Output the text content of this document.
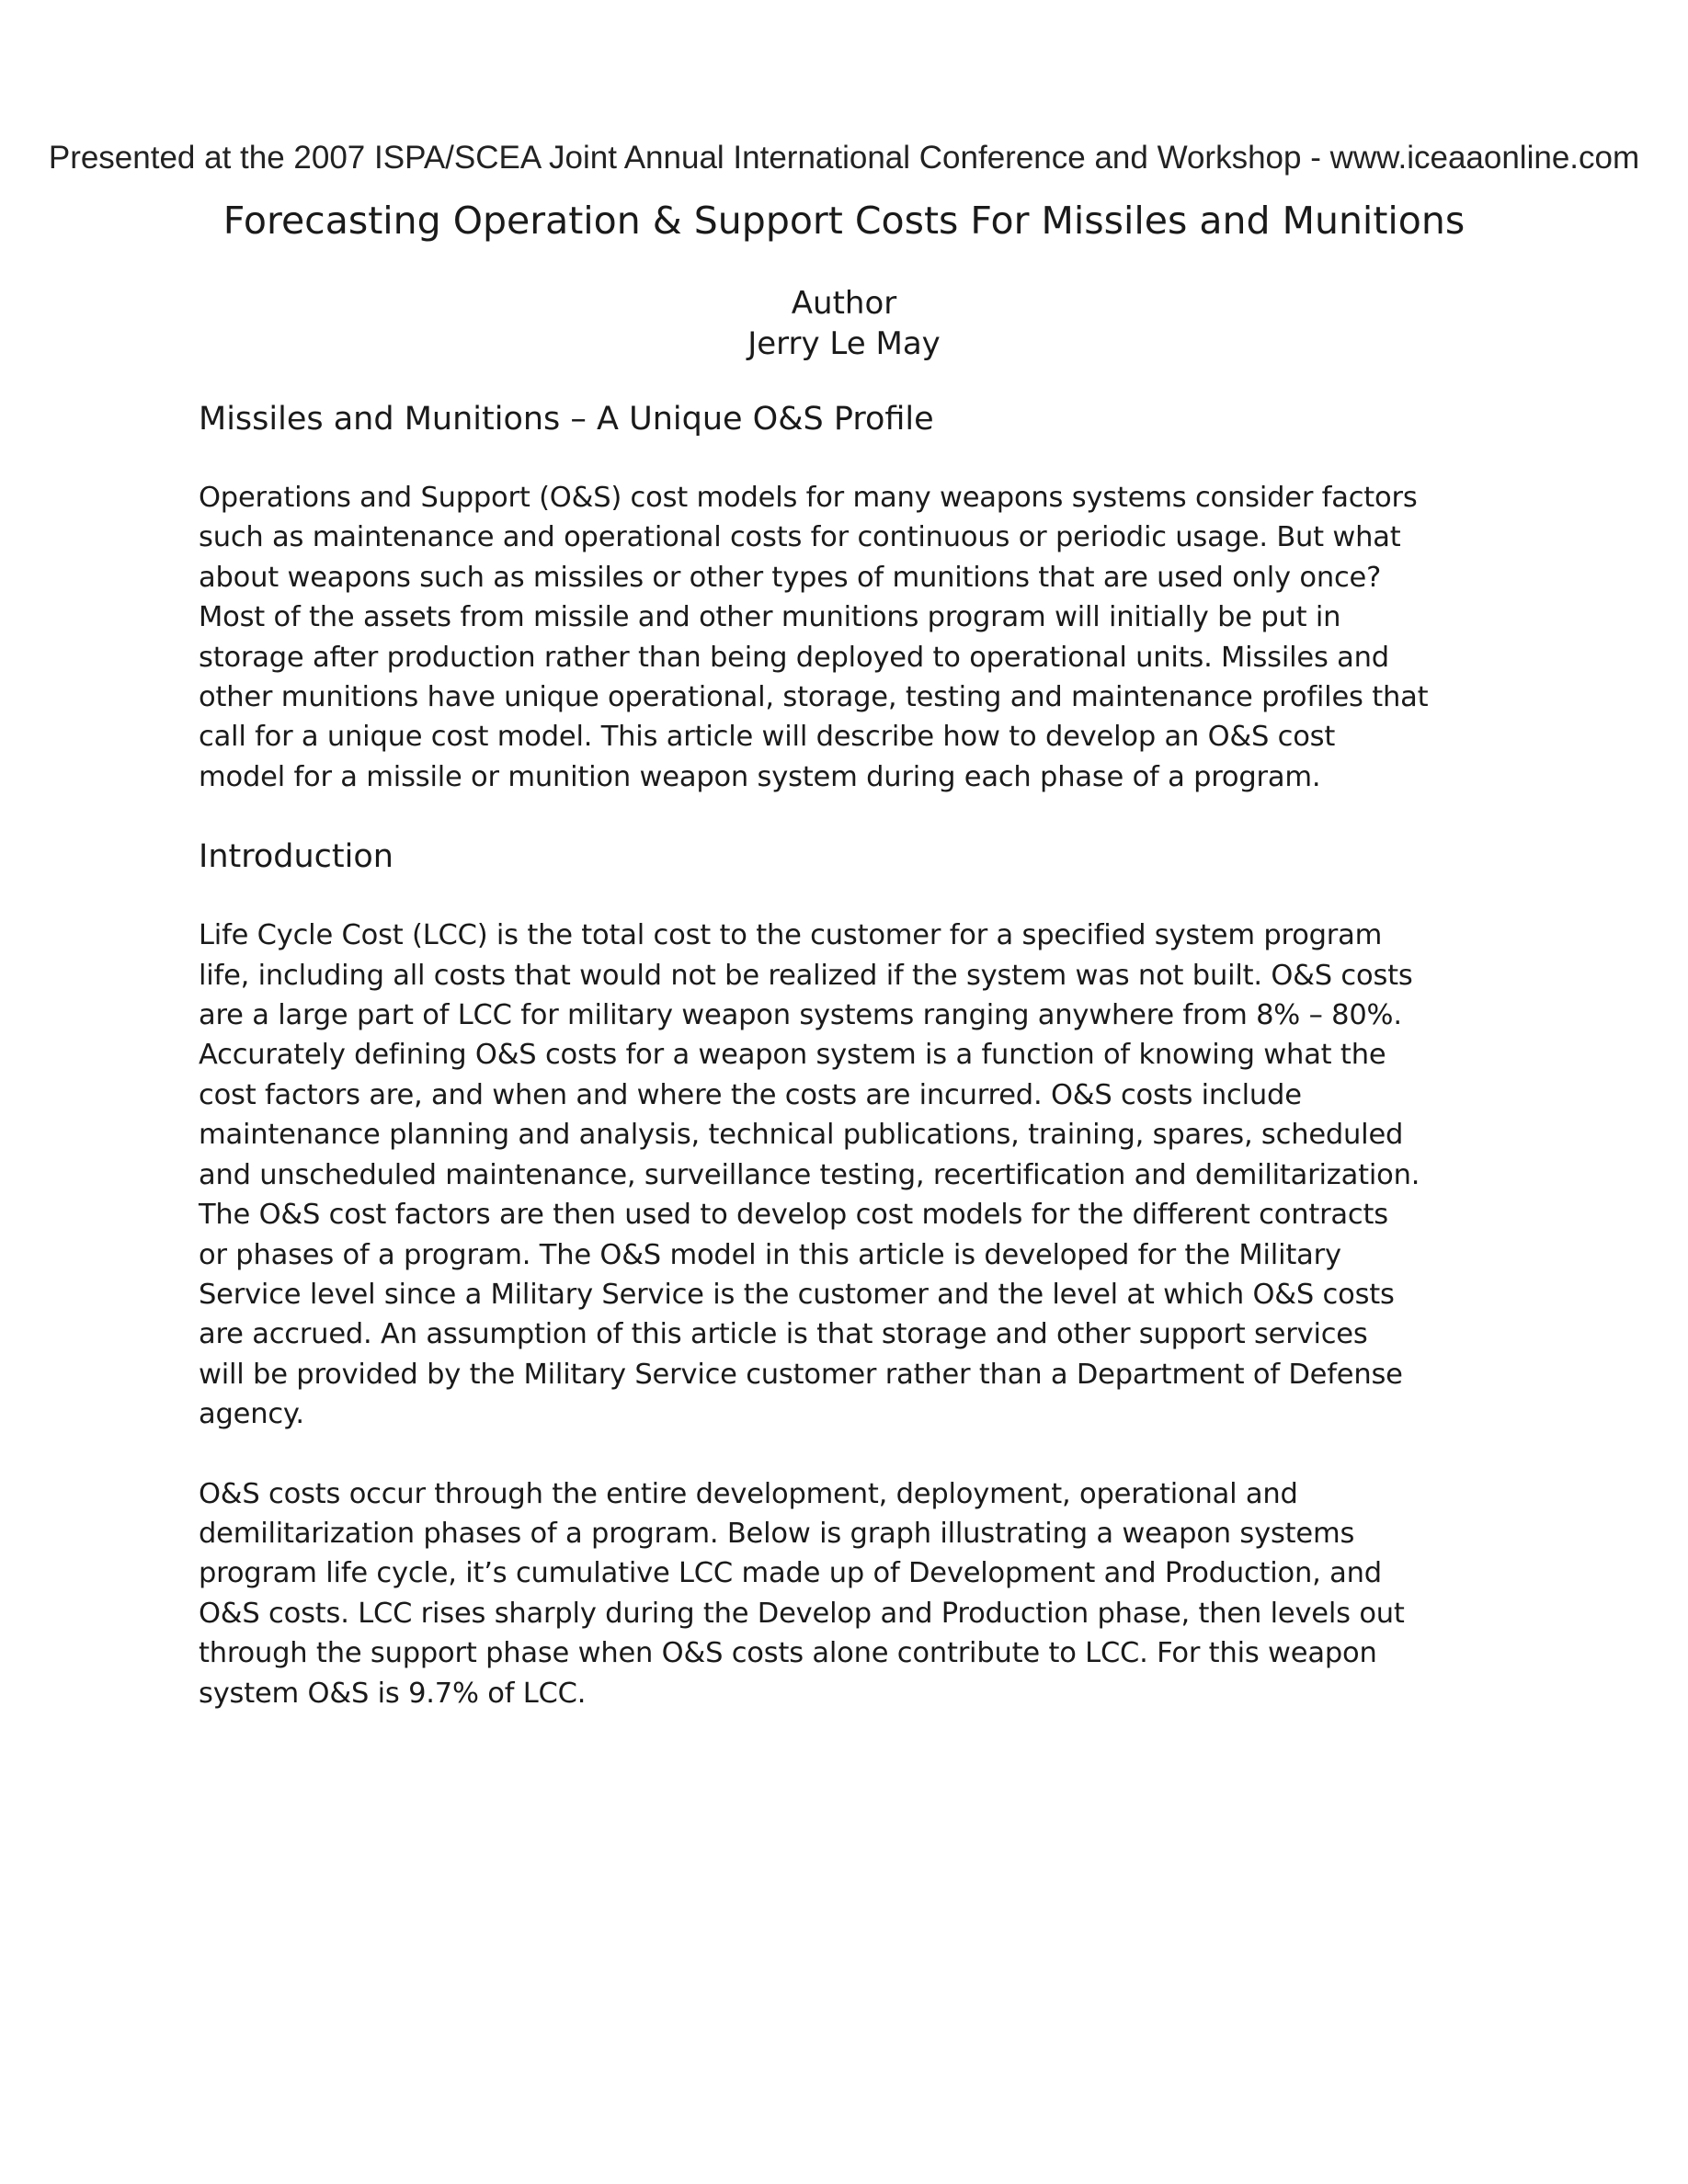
Presented at the 2007 ISPA/SCEA Joint Annual International Conference and Workshop - www.iceaaonline.com
Forecasting Operation & Support Costs For Missiles and Munitions
Author
Jerry Le May
Missiles and Munitions – A Unique O&S Profile

Operations and Support (O&S) cost models for many weapons systems consider factors
such as maintenance and operational costs for continuous or periodic usage. But what
about weapons such as missiles or other types of munitions that are used only once?
Most of the assets from missile and other munitions program will initially be put in
storage after production rather than being deployed to operational units. Missiles and
other munitions have unique operational, storage, testing and maintenance profiles that
call for a unique cost model. This article will describe how to develop an O&S cost
model for a missile or munition weapon system during each phase of a program.

Introduction

Life Cycle Cost (LCC) is the total cost to the customer for a specified system program
life, including all costs that would not be realized if the system was not built. O&S costs
are a large part of LCC for military weapon systems ranging anywhere from 8% – 80%.
Accurately defining O&S costs for a weapon system is a function of knowing what the
cost factors are, and when and where the costs are incurred. O&S costs include
maintenance planning and analysis, technical publications, training, spares, scheduled
and unscheduled maintenance, surveillance testing, recertification and demilitarization.
The O&S cost factors are then used to develop cost models for the different contracts
or phases of a program. The O&S model in this article is developed for the Military
Service level since a Military Service is the customer and the level at which O&S costs
are accrued. An assumption of this article is that storage and other support services
will be provided by the Military Service customer rather than a Department of Defense
agency.

O&S costs occur through the entire development, deployment, operational and
demilitarization phases of a program. Below is graph illustrating a weapon systems
program life cycle, it’s cumulative LCC made up of Development and Production, and
O&S costs. LCC rises sharply during the Develop and Production phase, then levels out
through the support phase when O&S costs alone contribute to LCC. For this weapon
system O&S is 9.7% of LCC.
